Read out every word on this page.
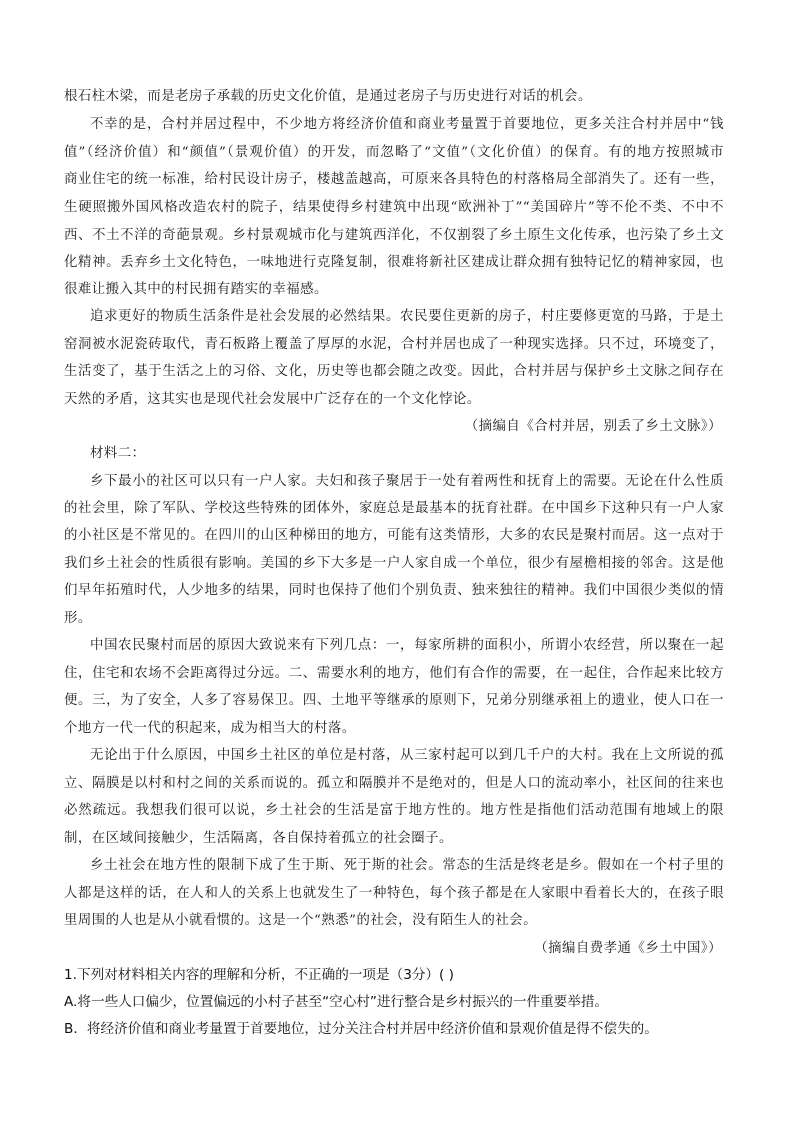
根石柱木梁，而是老房子承载的历史文化价值，是通过老房子与历史进行对话的机会。
不幸的是，合村并居过程中，不少地方将经济价值和商业考量置于首要地位，更多关注合村并居中“钱
值”（经济价值）和“颜值”（景观价值）的开发，而忽略了“文值”（文化价值）的保育。有的地方按照城市
商业住宅的统一标准，给村民设计房子，楼越盖越高，可原来各具特色的村落格局全部消失了。还有一些，
生硬照搬外国风格改造农村的院子，结果使得乡村建筑中出现“欧洲补丁”“美国碎片”等不伦不类、不中不
西、不土不洋的奇葩景观。乡村景观城市化与建筑西洋化，不仅割裂了乡土原生文化传承，也污染了乡土文
化精神。丢弃乡土文化特色，一味地进行克隆复制，很难将新社区建成让群众拥有独特记忆的精神家园，也
很难让搬入其中的村民拥有踏实的幸福感。
追求更好的物质生活条件是社会发展的必然结果。农民要住更新的房子，村庄要修更宽的马路，于是土
窑洞被水泥瓷砖取代，青石板路上覆盖了厚厚的水泥，合村并居也成了一种现实选择。只不过，环境变了，
生活变了，基于生活之上的习俗、文化，历史等也都会随之改变。因此，合村并居与保护乡土文脉之间存在
天然的矛盾，这其实也是现代社会发展中广泛存在的一个文化悖论。
（摘编自《合村并居，别丢了乡土文脉》）
材料二：
乡下最小的社区可以只有一户人家。夫妇和孩子聚居于一处有着两性和抚育上的需要。无论在什么性质
的社会里，除了军队、学校这些特殊的团体外，家庭总是最基本的抚育社群。在中国乡下这种只有一户人家
的小社区是不常见的。在四川的山区种梯田的地方，可能有这类情形，大多的农民是聚村而居。这一点对于
我们乡土社会的性质很有影响。美国的乡下大多是一户人家自成一个单位，很少有屋檐相接的邻舍。这是他
们早年拓殖时代，人少地多的结果，同时也保持了他们个别负责、独来独往的精神。我们中国很少类似的情
形。
中国农民聚村而居的原因大致说来有下列几点：一，每家所耕的面积小，所谓小农经营，所以聚在一起
住，住宅和农场不会距离得过分远。二、需要水利的地方，他们有合作的需要，在一起住，合作起来比较方
便。三，为了安全，人多了容易保卫。四、土地平等继承的原则下，兄弟分别继承祖上的遗业，使人口在一
个地方一代一代的积起来，成为相当大的村落。
无论出于什么原因，中国乡土社区的单位是村落，从三家村起可以到几千户的大村。我在上文所说的孤
立、隔膜是以村和村之间的关系而说的。孤立和隔膜并不是绝对的，但是人口的流动率小，社区间的往来也
必然疏远。我想我们很可以说，乡土社会的生活是富于地方性的。地方性是指他们活动范围有地域上的限
制，在区域间接触少，生活隔离，各自保持着孤立的社会圈子。
乡土社会在地方性的限制下成了生于斯、死于斯的社会。常态的生活是终老是乡。假如在一个村子里的
人都是这样的话，在人和人的关系上也就发生了一种特色，每个孩子都是在人家眼中看着长大的，在孩子眼
里周围的人也是从小就看惯的。这是一个“熟悉”的社会，没有陌生人的社会。
（摘编自费孝通《乡土中国》）
1.下列对材料相关内容的理解和分析，不正确的一项是（3分）( )
A.将一些人口偏少，位置偏远的小村子甚至“空心村”进行整合是乡村振兴的一件重要举措。
B．将经济价值和商业考量置于首要地位，过分关注合村并居中经济价值和景观价值是得不偿失的。
